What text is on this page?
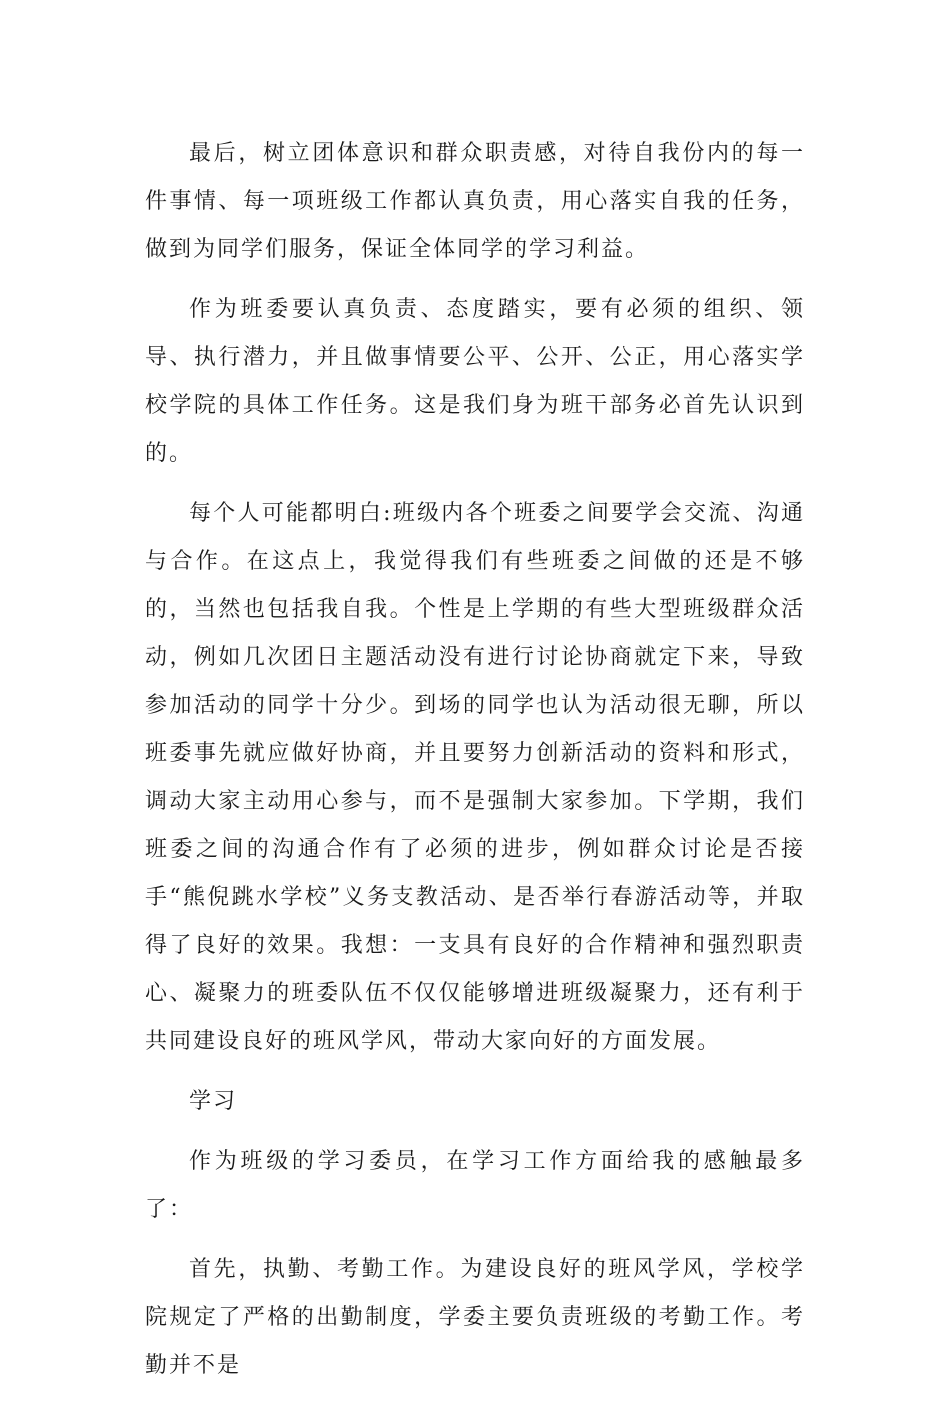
最后，树立团体意识和群众职责感，对待自我份内的每一件事情、每一项班级工作都认真负责，用心落实自我的任务，做到为同学们服务，保证全体同学的学习利益。

作为班委要认真负责、态度踏实，要有必须的组织、领导、执行潜力，并且做事情要公平、公开、公正，用心落实学校学院的具体工作任务。这是我们身为班干部务必首先认识到的。

每个人可能都明白:班级内各个班委之间要学会交流、沟通与合作。在这点上，我觉得我们有些班委之间做的还是不够的，当然也包括我自我。个性是上学期的有些大型班级群众活动，例如几次团日主题活动没有进行讨论协商就定下来，导致参加活动的同学十分少。到场的同学也认为活动很无聊，所以班委事先就应做好协商，并且要努力创新活动的资料和形式，调动大家主动用心参与，而不是强制大家参加。下学期，我们班委之间的沟通合作有了必须的进步，例如群众讨论是否接手“熊倪跳水学校”义务支教活动、是否举行春游活动等，并取得了良好的效果。我想：一支具有良好的合作精神和强烈职责心、凝聚力的班委队伍不仅仅能够增进班级凝聚力，还有利于共同建设良好的班风学风，带动大家向好的方面发展。

学习

作为班级的学习委员，在学习工作方面给我的感触最多了：

首先，执勤、考勤工作。为建设良好的班风学风，学校学院规定了严格的出勤制度，学委主要负责班级的考勤工作。考勤并不是
